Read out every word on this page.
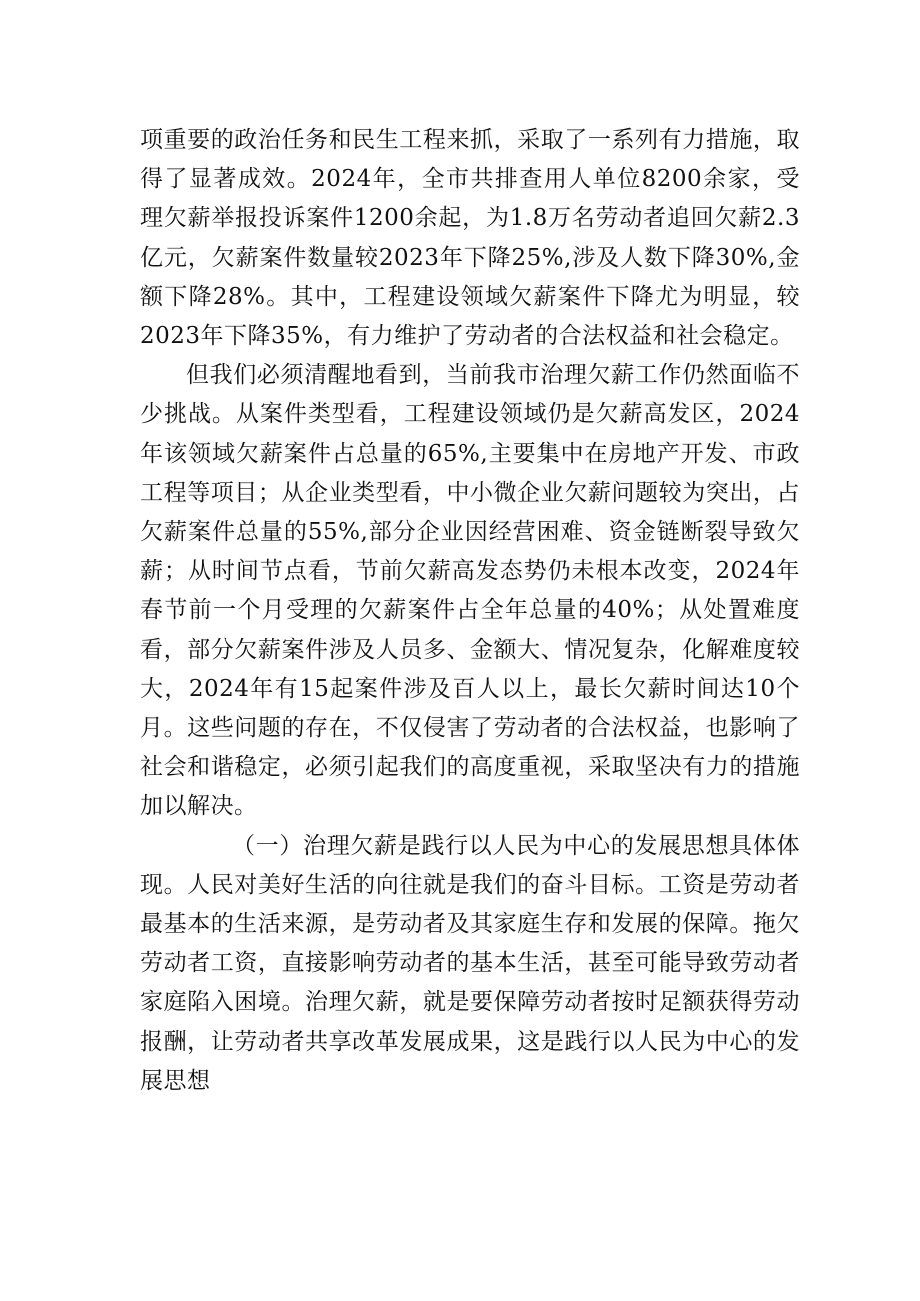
项重要的政治任务和民生工程来抓，采取了一系列有力措施，取得了显著成效。2024年，全市共排查用人单位8200余家，受理欠薪举报投诉案件1200余起，为1.8万名劳动者追回欠薪2.3亿元，欠薪案件数量较2023年下降25%,涉及人数下降30%,金额下降28%。其中，工程建设领域欠薪案件下降尤为明显，较2023年下降35%，有力维护了劳动者的合法权益和社会稳定。

但我们必须清醒地看到，当前我市治理欠薪工作仍然面临不少挑战。从案件类型看，工程建设领域仍是欠薪高发区，2024年该领域欠薪案件占总量的65%,主要集中在房地产开发、市政工程等项目；从企业类型看，中小微企业欠薪问题较为突出，占欠薪案件总量的55%,部分企业因经营困难、资金链断裂导致欠薪；从时间节点看，节前欠薪高发态势仍未根本改变，2024年春节前一个月受理的欠薪案件占全年总量的40%；从处置难度看，部分欠薪案件涉及人员多、金额大、情况复杂，化解难度较大，2024年有15起案件涉及百人以上，最长欠薪时间达10个月。这些问题的存在，不仅侵害了劳动者的合法权益，也影响了社会和谐稳定，必须引起我们的高度重视，采取坚决有力的措施加以解决。

（一）治理欠薪是践行以人民为中心的发展思想具体体现。人民对美好生活的向往就是我们的奋斗目标。工资是劳动者最基本的生活来源，是劳动者及其家庭生存和发展的保障。拖欠劳动者工资，直接影响劳动者的基本生活，甚至可能导致劳动者家庭陷入困境。治理欠薪，就是要保障劳动者按时足额获得劳动报酬，让劳动者共享改革发展成果，这是践行以人民为中心的发展思想
